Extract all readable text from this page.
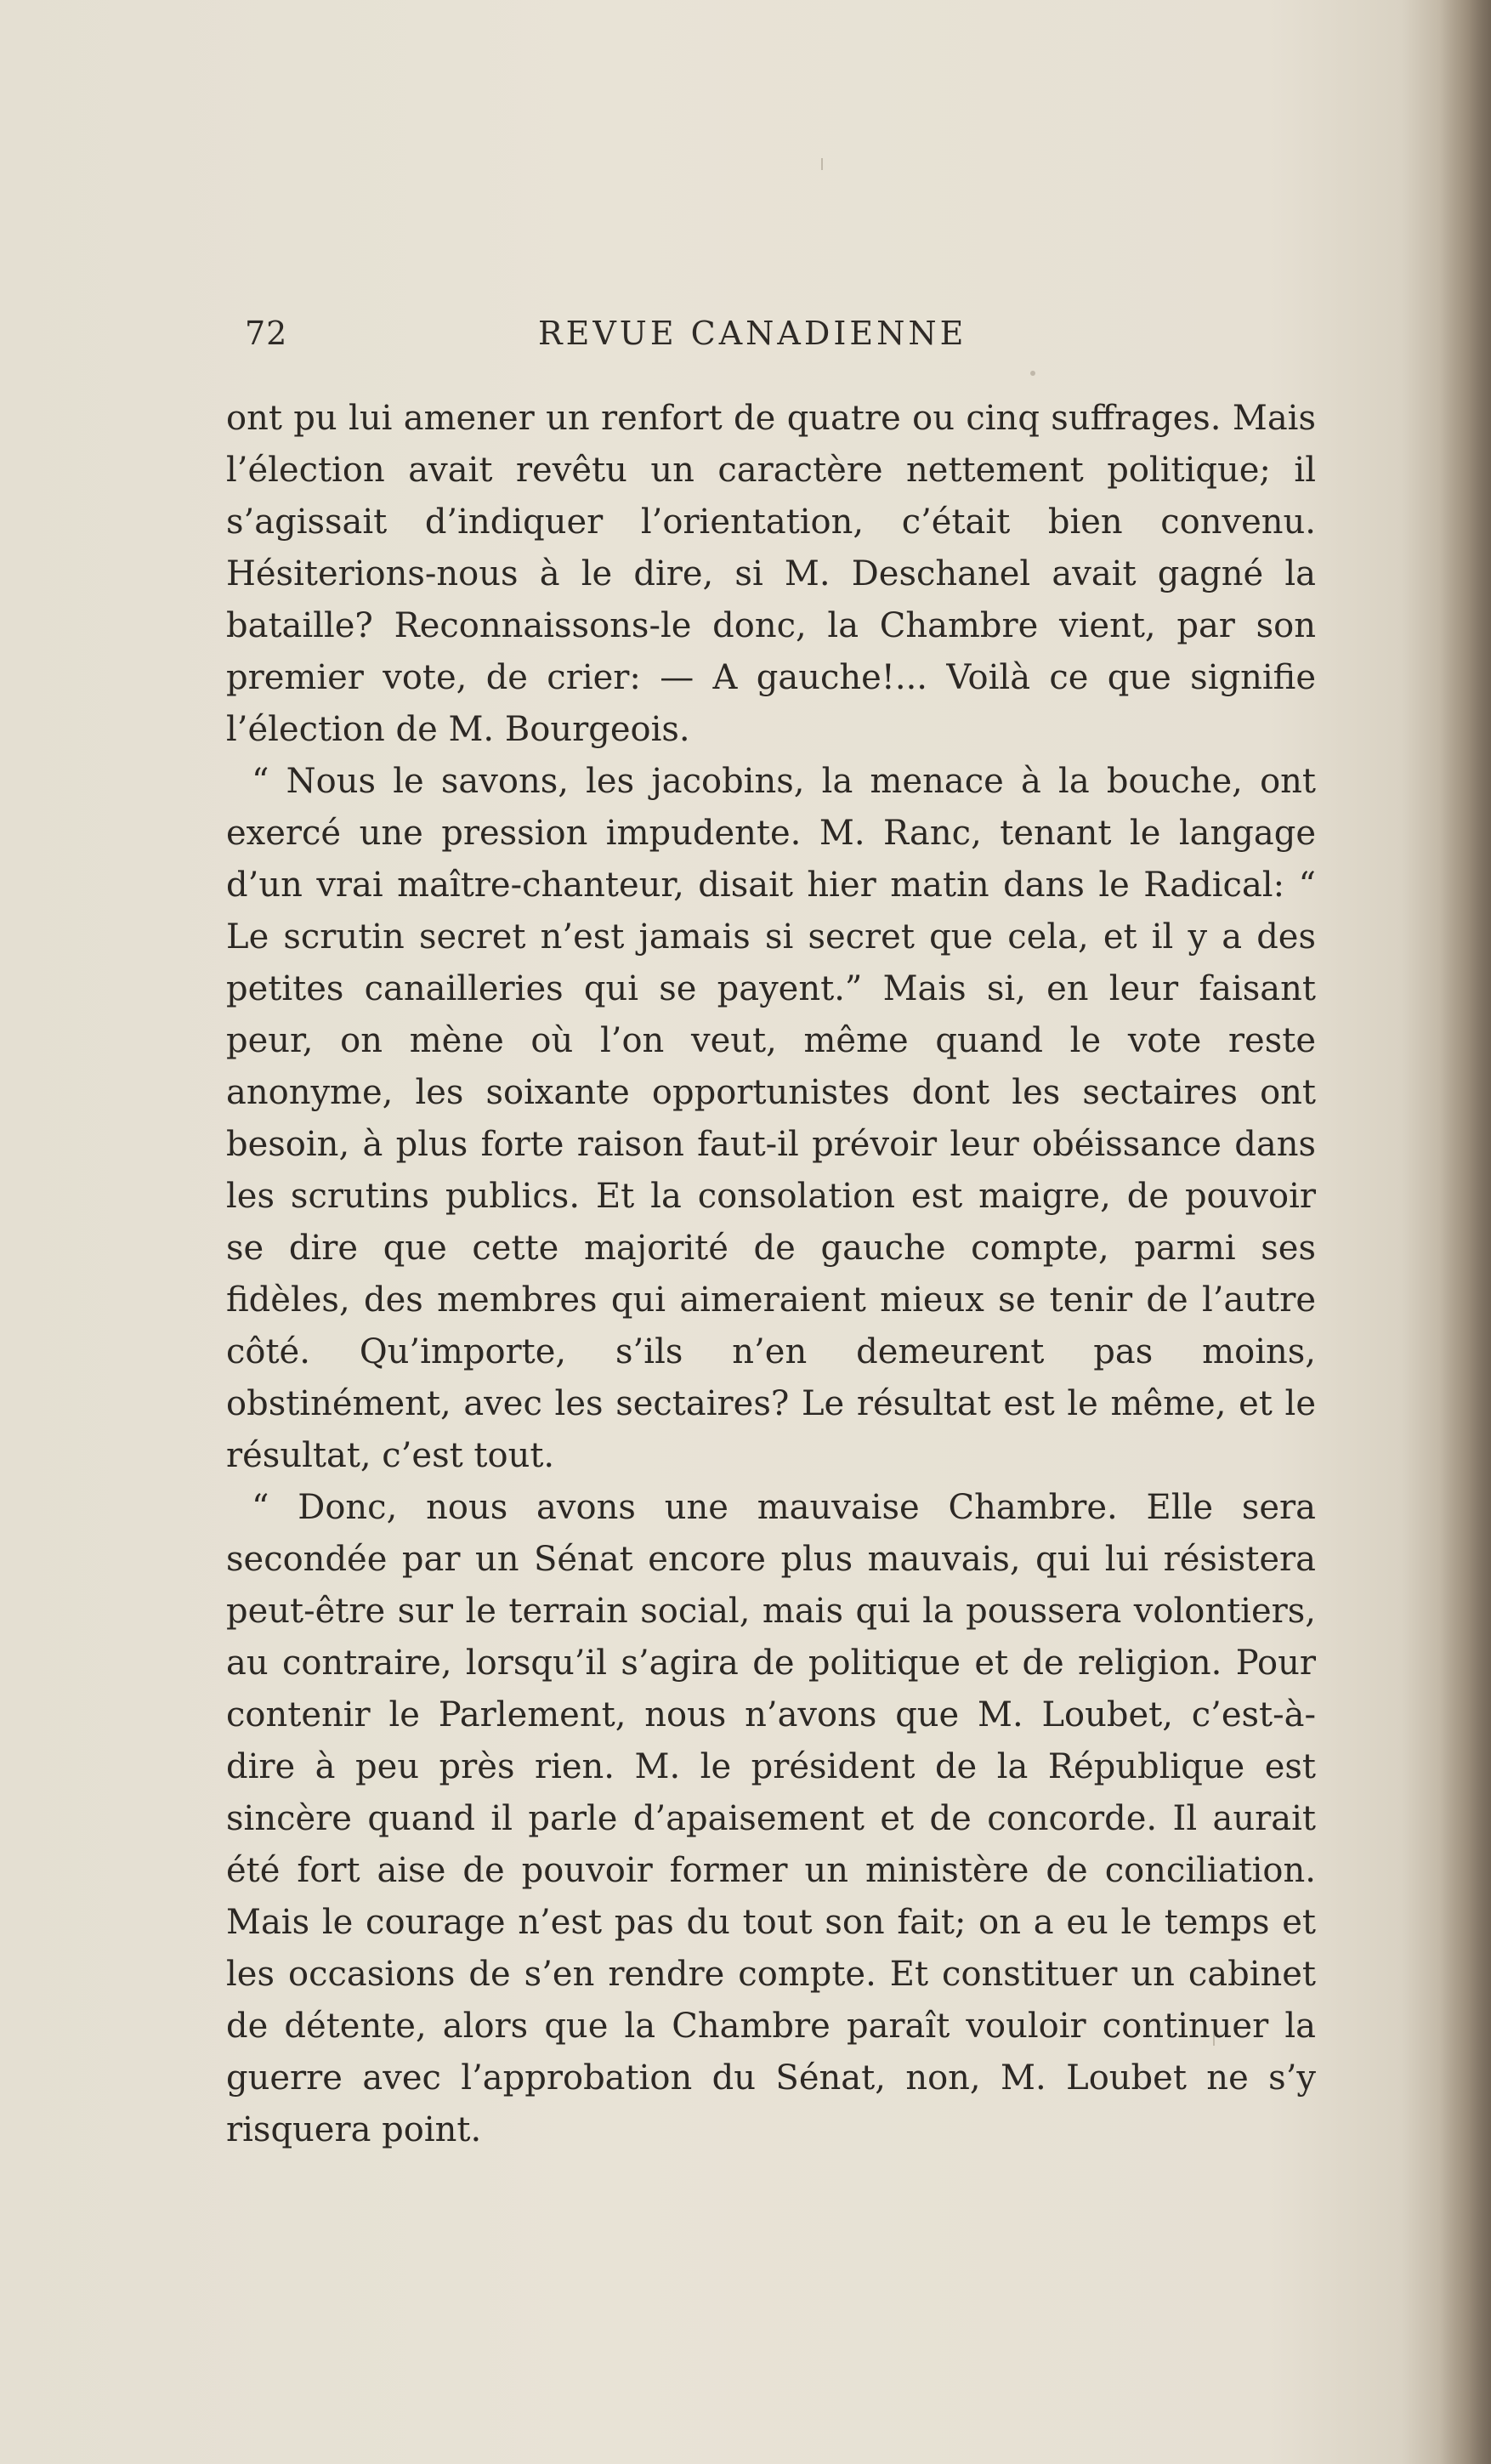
72	REVUE CANADIENNE

ont pu lui amener un renfort de quatre ou cinq suffrages. Mais l’élection avait revêtu un caractère nettement politique; il s’agissait d’indiquer l’orientation, c’était bien convenu. Hésiterions-nous à le dire, si M. Deschanel avait gagné la bataille? Reconnaissons-le donc, la Chambre vient, par son premier vote, de crier: — A gauche!... Voilà ce que signifie l’élection de M. Bourgeois.

“ Nous le savons, les jacobins, la menace à la bouche, ont exercé une pression impudente. M. Ranc, tenant le langage d’un vrai maître-chanteur, disait hier matin dans le Radical: “ Le scrutin secret n’est jamais si secret que cela, et il y a des petites canailleries qui se payent.” Mais si, en leur faisant peur, on mène où l’on veut, même quand le vote reste anonyme, les soixante opportunistes dont les sectaires ont besoin, à plus forte raison faut-il prévoir leur obéissance dans les scrutins publics. Et la consolation est maigre, de pouvoir se dire que cette majorité de gauche compte, parmi ses fidèles, des membres qui aimeraient mieux se tenir de l’autre côté. Qu’importe, s’ils n’en demeurent pas moins, obstinément, avec les sectaires? Le résultat est le même, et le résultat, c’est tout.

“ Donc, nous avons une mauvaise Chambre. Elle sera secondée par un Sénat encore plus mauvais, qui lui résistera peut-être sur le terrain social, mais qui la poussera volontiers, au contraire, lorsqu’il s’agira de politique et de religion. Pour contenir le Parlement, nous n’avons que M. Loubet, c’est-à-dire à peu près rien. M. le président de la République est sincère quand il parle d’apaisement et de concorde. Il aurait été fort aise de pouvoir former un ministère de conciliation. Mais le courage n’est pas du tout son fait; on a eu le temps et les occasions de s’en rendre compte. Et constituer un cabinet de détente, alors que la Chambre paraît vouloir continuer la guerre avec l’approbation du Sénat, non, M. Loubet ne s’y risquera point.
